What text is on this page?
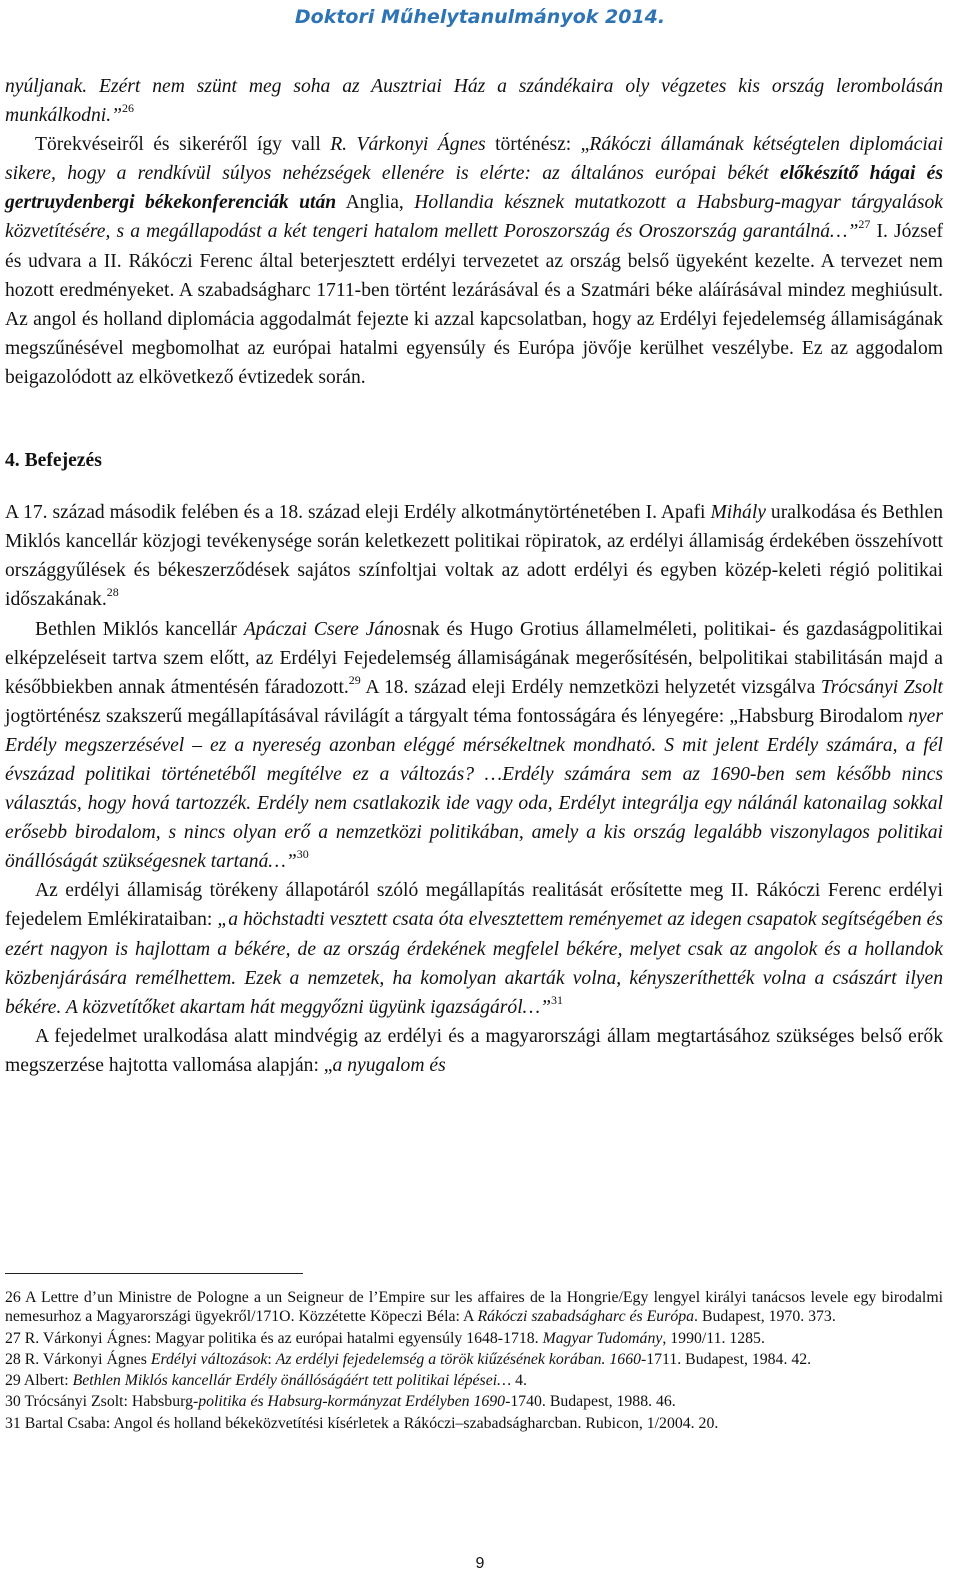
Doktori Műhelytanulmányok 2014.

nyúljanak. Ezért nem szünt meg soha az Ausztriai Ház a szándékaira oly végzetes kis ország lerombolásán munkálkodni.”$^{26}$

Törekvéseiről és sikeréről így vall R. Várkonyi Ágnes történész: „Rákóczi államának kétségtelen diplomáciai sikere, hogy a rendkívül súlyos nehézségek ellenére is elérte: az általános európai békét előkészítő hágai és gertruydenbergi békekonferenciák után Anglia, Hollandia késznek mutatkozott a Habsburg-magyar tárgyalások közvetítésére, s a megállapodást a két tengeri hatalom mellett Poroszország és Oroszország garantálná…”$^{27}$ I. József és udvara a II. Rákóczi Ferenc által beterjesztett erdélyi tervezetet az ország belső ügyeként kezelte. A tervezet nem hozott eredményeket. A szabadságharc 1711-ben történt lezárásával és a Szatmári béke aláírásával mindez meghiúsult. Az angol és holland diplomácia aggodalmát fejezte ki azzal kapcsolatban, hogy az Erdélyi fejedelemség államiságának megszűnésével megbomolhat az európai hatalmi egyensúly és Európa jövője kerülhet veszélybe. Ez az aggodalom beigazolódott az elkövetkező évtizedek során.

4. Befejezés

A 17. század második felében és a 18. század eleji Erdély alkotmánytörténetében I. Apafi Mihály uralkodása és Bethlen Miklós kancellár közjogi tevékenysége során keletkezett politikai röpiratok, az erdélyi államiság érdekében összehívott országgyűlések és békeszerződések sajátos színfoltjai voltak az adott erdélyi és egyben közép-keleti régió politikai időszakának.$^{28}$

Bethlen Miklós kancellár Apáczai Csere Jánosnak és Hugo Grotius államelméleti, politikai- és gazdaságpolitikai elképzeléseit tartva szem előtt, az Erdélyi Fejedelemség államiságának megerősítésén, belpolitikai stabilitásán majd a későbbiekben annak átmentésén fáradozott.$^{29}$ A 18. század eleji Erdély nemzetközi helyzetét vizsgálva Trócsányi Zsolt jogtörténész szakszerű megállapításával rávilágít a tárgyalt téma fontosságára és lényegére: „Habsburg Birodalom nyer Erdély megszerzésével – ez a nyereség azonban eléggé mérsékeltnek mondható. S mit jelent Erdély számára, a fél évszázad politikai történetéből megítélve ez a változás? …Erdély számára sem az 1690-ben sem később nincs választás, hogy hová tartozzék. Erdély nem csatlakozik ide vagy oda, Erdélyt integrálja egy nálánál katonailag sokkal erősebb birodalom, s nincs olyan erő a nemzetközi politikában, amely a kis ország legalább viszonylagos politikai önállóságát szükségesnek tartaná…”$^{30}$

Az erdélyi államiság törékeny állapotáról szóló megállapítás realitását erősítette meg II. Rákóczi Ferenc erdélyi fejedelem Emlékirataiban: „a höchstadti vesztett csata óta elvesztettem reményemet az idegen csapatok segítségében és ezért nagyon is hajlottam a békére, de az ország érdekének megfelel békére, melyet csak az angolok és a hollandok közbenjárására remélhettem. Ezek a nemzetek, ha komolyan akarták volna, kényszeríthették volna a császárt ilyen békére. A közvetítőket akartam hát meggyőzni ügyünk igazságáról…”$^{31}$

A fejedelmet uralkodása alatt mindvégig az erdélyi és a magyarországi állam megtartásához szükséges belső erők megszerzése hajtotta vallomása alapján: „a nyugalom és

26 A Lettre d’un Ministre de Pologne a un Seigneur de l’Empire sur les affaires de la Hongrie/Egy lengyel királyi tanácsos levele egy birodalmi nemesurhoz a Magyarországi ügyekről/171O. Közzétette Köpeczi Béla: A Rákóczi szabadságharc és Európa. Budapest, 1970. 373.

27 R. Várkonyi Ágnes: Magyar politika és az európai hatalmi egyensúly 1648-1718. Magyar Tudomány, 1990/11. 1285.

28 R. Várkonyi Ágnes Erdélyi változások: Az erdélyi fejedelemség a török kiűzésének korában. 1660-1711. Budapest, 1984. 42.

29 Albert: Bethlen Miklós kancellár Erdély önállóságáért tett politikai lépései… 4.

30 Trócsányi Zsolt: Habsburg-politika és Habsurg-kormányzat Erdélyben 1690-1740. Budapest, 1988. 46.

31 Bartal Csaba: Angol és holland békeközvetítési kísérletek a Rákóczi–szabadságharcban. Rubicon, 1/2004. 20.

9
